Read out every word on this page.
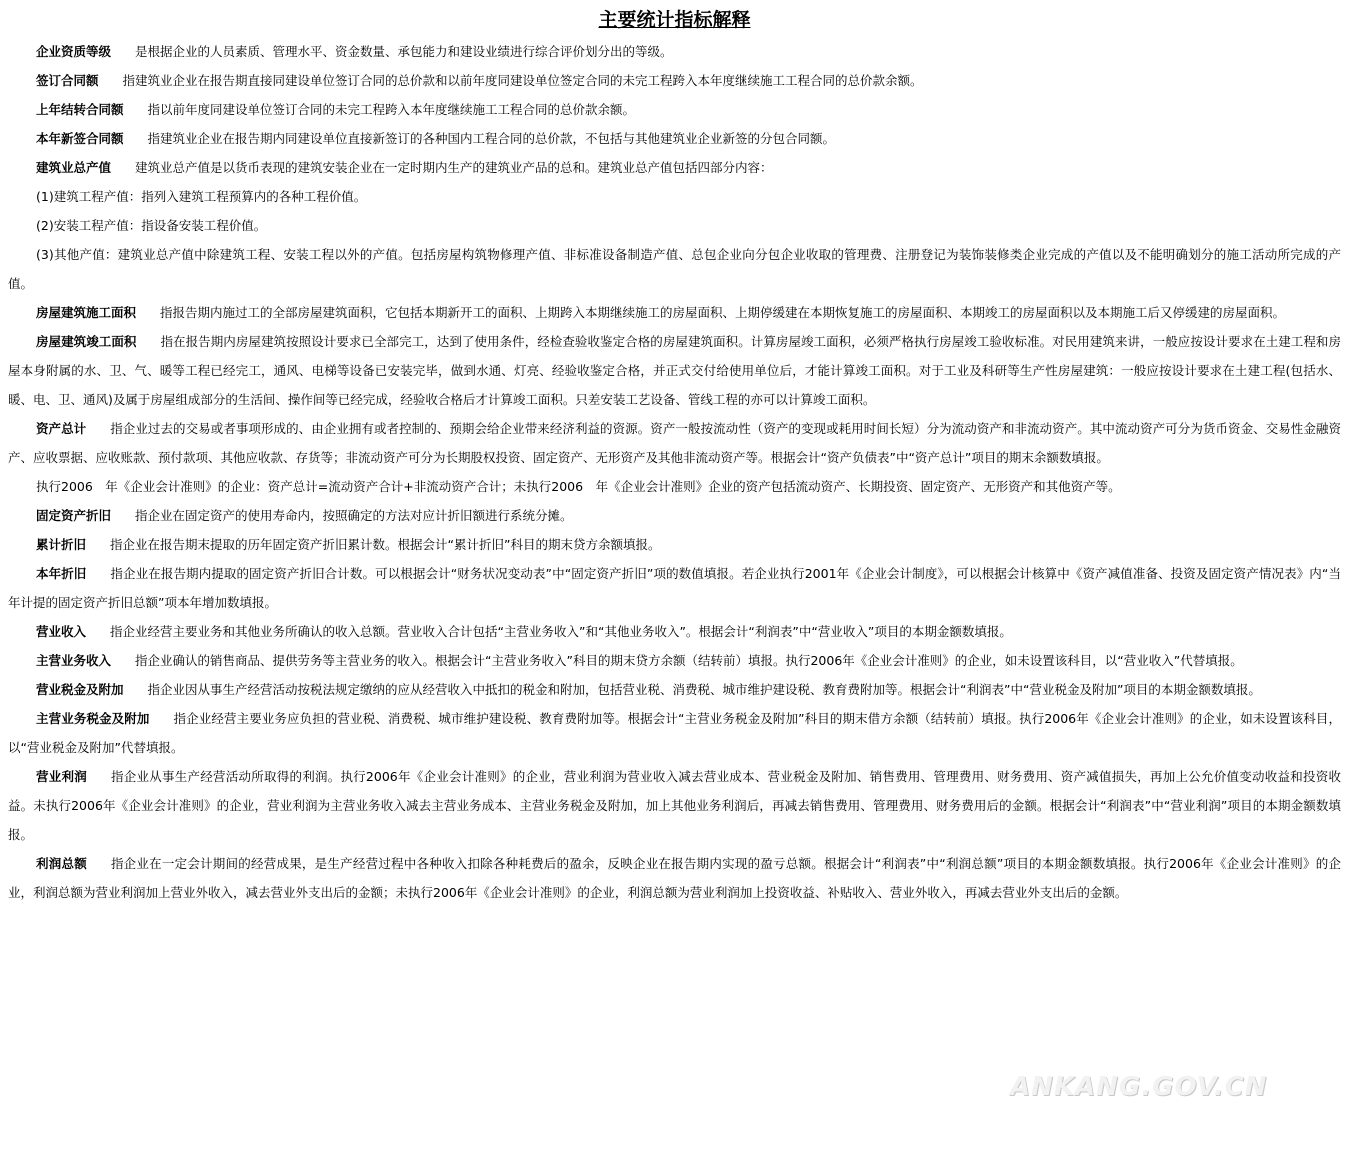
主要统计指标解释

企业资质等级 是根据企业的人员素质、管理水平、资金数量、承包能力和建设业绩进行综合评价划分出的等级。

签订合同额 指建筑业企业在报告期直接同建设单位签订合同的总价款和以前年度同建设单位签定合同的未完工程跨入本年度继续施工工程合同的总价款余额。

上年结转合同额 指以前年度同建设单位签订合同的未完工程跨入本年度继续施工工程合同的总价款余额。

本年新签合同额 指建筑业企业在报告期内同建设单位直接新签订的各种国内工程合同的总价款，不包括与其他建筑业企业新签的分包合同额。

建筑业总产值 建筑业总产值是以货币表现的建筑安装企业在一定时期内生产的建筑业产品的总和。建筑业总产值包括四部分内容：

(1)建筑工程产值：指列入建筑工程预算内的各种工程价值。

(2)安装工程产值：指设备安装工程价值。

(3)其他产值：建筑业总产值中除建筑工程、安装工程以外的产值。包括房屋构筑物修理产值、非标准设备制造产值、总包企业向分包企业收取的管理费、注册登记为装饰装修类企业完成的产值以及不能明确划分的施工活动所完成的产值。

房屋建筑施工面积 指报告期内施过工的全部房屋建筑面积，它包括本期新开工的面积、上期跨入本期继续施工的房屋面积、上期停缓建在本期恢复施工的房屋面积、本期竣工的房屋面积以及本期施工后又停缓建的房屋面积。

房屋建筑竣工面积 指在报告期内房屋建筑按照设计要求已全部完工，达到了使用条件，经检查验收鉴定合格的房屋建筑面积。计算房屋竣工面积，必须严格执行房屋竣工验收标准。对民用建筑来讲，一般应按设计要求在土建工程和房屋本身附属的水、卫、气、暖等工程已经完工，通风、电梯等设备已安装完毕，做到水通、灯亮、经验收鉴定合格，并正式交付给使用单位后，才能计算竣工面积。对于工业及科研等生产性房屋建筑：一般应按设计要求在土建工程(包括水、暖、电、卫、通风)及属于房屋组成部分的生活间、操作间等已经完成，经验收合格后才计算竣工面积。只差安装工艺设备、管线工程的亦可以计算竣工面积。

资产总计 指企业过去的交易或者事项形成的、由企业拥有或者控制的、预期会给企业带来经济利益的资源。资产一般按流动性（资产的变现或耗用时间长短）分为流动资产和非流动资产。其中流动资产可分为货币资金、交易性金融资产、应收票据、应收账款、预付款项、其他应收款、存货等；非流动资产可分为长期股权投资、固定资产、无形资产及其他非流动资产等。根据会计“资产负债表”中“资产总计”项目的期末余额数填报。

执行2006　年《企业会计准则》的企业：资产总计=流动资产合计+非流动资产合计；未执行2006　年《企业会计准则》企业的资产包括流动资产、长期投资、固定资产、无形资产和其他资产等。

固定资产折旧 指企业在固定资产的使用寿命内，按照确定的方法对应计折旧额进行系统分摊。

累计折旧 指企业在报告期末提取的历年固定资产折旧累计数。根据会计“累计折旧”科目的期末贷方余额填报。

本年折旧 指企业在报告期内提取的固定资产折旧合计数。可以根据会计“财务状况变动表”中“固定资产折旧”项的数值填报。若企业执行2001年《企业会计制度》，可以根据会计核算中《资产减值准备、投资及固定资产情况表》内“当年计提的固定资产折旧总额”项本年增加数填报。

营业收入 指企业经营主要业务和其他业务所确认的收入总额。营业收入合计包括“主营业务收入”和“其他业务收入”。根据会计“利润表”中“营业收入”项目的本期金额数填报。

主营业务收入 指企业确认的销售商品、提供劳务等主营业务的收入。根据会计“主营业务收入”科目的期末贷方余额（结转前）填报。执行2006年《企业会计准则》的企业，如未设置该科目，以“营业收入”代替填报。

营业税金及附加 指企业因从事生产经营活动按税法规定缴纳的应从经营收入中抵扣的税金和附加，包括营业税、消费税、城市维护建设税、教育费附加等。根据会计“利润表”中“营业税金及附加”项目的本期金额数填报。

主营业务税金及附加 指企业经营主要业务应负担的营业税、消费税、城市维护建设税、教育费附加等。根据会计“主营业务税金及附加”科目的期末借方余额（结转前）填报。执行2006年《企业会计准则》的企业，如未设置该科目，以“营业税金及附加”代替填报。

营业利润 指企业从事生产经营活动所取得的利润。执行2006年《企业会计准则》的企业，营业利润为营业收入减去营业成本、营业税金及附加、销售费用、管理费用、财务费用、资产减值损失，再加上公允价值变动收益和投资收益。未执行2006年《企业会计准则》的企业，营业利润为主营业务收入减去主营业务成本、主营业务税金及附加，加上其他业务利润后，再减去销售费用、管理费用、财务费用后的金额。根据会计“利润表”中“营业利润”项目的本期金额数填报。

利润总额 指企业在一定会计期间的经营成果，是生产经营过程中各种收入扣除各种耗费后的盈余，反映企业在报告期内实现的盈亏总额。根据会计“利润表”中“利润总额”项目的本期金额数填报。执行2006年《企业会计准则》的企业，利润总额为营业利润加上营业外收入，减去营业外支出后的金额；未执行2006年《企业会计准则》的企业，利润总额为营业利润加上投资收益、补贴收入、营业外收入，再减去营业外支出后的金额。

ANKANG.GOV.CN
